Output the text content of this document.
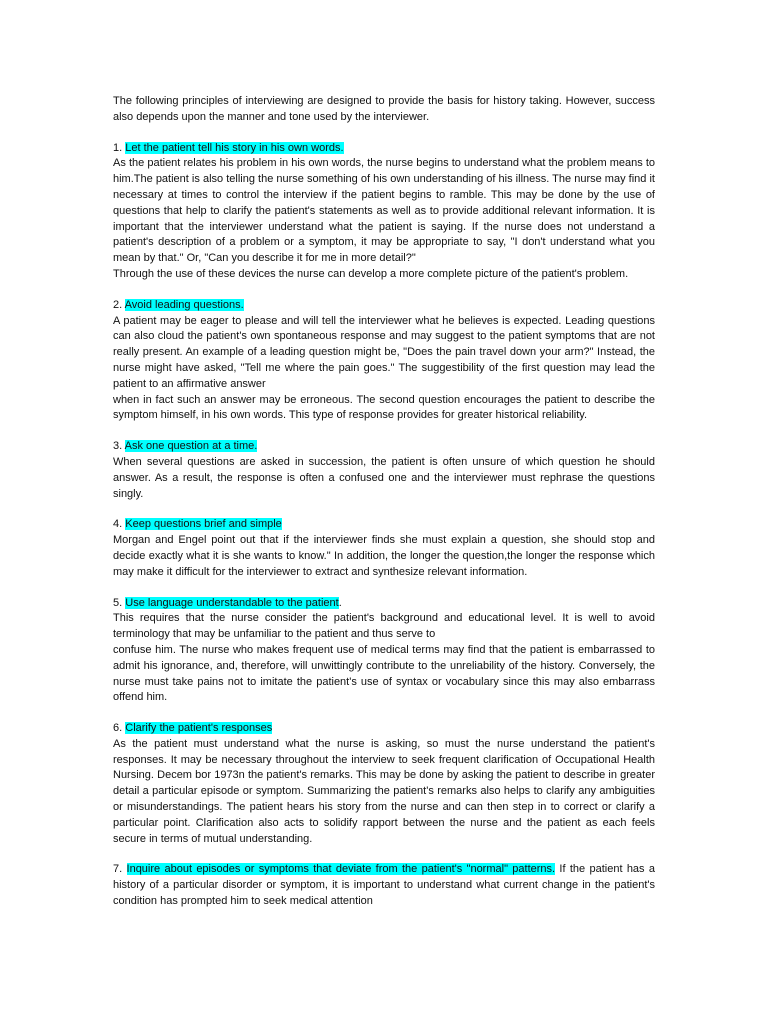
The following principles of interviewing are designed to provide the basis for history taking. However, success also depends upon the manner and tone used by the interviewer.

1. Let the patient tell his story in his own words.

As the patient relates his problem in his own words, the nurse begins to understand what the problem means to him.The patient is also telling the nurse something of his own understanding of his illness. The nurse may find it necessary at times to control the interview if the patient begins to ramble. This may be done by the use of questions that help to clarify the patient's statements as well as to provide additional relevant information. It is important that the interviewer understand what the patient is saying. If the nurse does not understand a patient's description of a problem or a symptom, it may be appropriate to say, "I don't understand what you mean by that." Or, "Can you describe it for me in more detail?"

Through the use of these devices the nurse can develop a more complete picture of the patient's problem.

2. Avoid leading questions.

A patient may be eager to please and will tell the interviewer what he believes is expected. Leading questions can also cloud the patient's own spontaneous response and may suggest to the patient symptoms that are not really present. An example of a leading question might be, "Does the pain travel down your arm?" Instead, the nurse might have asked, "Tell me where the pain goes." The suggestibility of the first question may lead the patient to an affirmative answer

when in fact such an answer may be erroneous. The second question encourages the patient to describe the symptom himself, in his own words. This type of response provides for greater historical reliability.

3. Ask one question at a time.

When several questions are asked in succession, the patient is often unsure of which question he should answer. As a result, the response is often a confused one and the interviewer must rephrase the questions singly.

4. Keep questions brief and simple

Morgan and Engel point out that if the interviewer finds she must explain a question, she should stop and decide exactly what it is she wants to know." In addition, the longer the question,the longer the response which may make it difficult for the interviewer to extract and synthesize relevant information.

5. Use language understandable to the patient.

This requires that the nurse consider the patient's background and educational level. It is well to avoid terminology that may be unfamiliar to the patient and thus serve to

confuse him. The nurse who makes frequent use of medical terms may find that the patient is embarrassed to admit his ignorance, and, therefore, will unwittingly contribute to the unreliability of the history. Conversely, the nurse must take pains not to imitate the patient's use of syntax or vocabulary since this may also embarrass offend him.

6. Clarify the patient's responses

As the patient must understand what the nurse is asking, so must the nurse understand the patient's responses. It may be necessary throughout the interview to seek frequent clarification of Occupational Health Nursing. Decem bor 1973n the patient's remarks. This may be done by asking the patient to describe in greater detail a particular episode or symptom. Summarizing the patient's remarks also helps to clarify any ambiguities or misunderstandings. The patient hears his story from the nurse and can then step in to correct or clarify a particular point. Clarification also acts to solidify rapport between the nurse and the patient as each feels secure in terms of mutual understanding.

7. Inquire about episodes or symptoms that deviate from the patient's "normal" patterns. If the patient has a history of a particular disorder or symptom, it is important to understand what current change in the patient's condition has prompted him to seek medical attention
